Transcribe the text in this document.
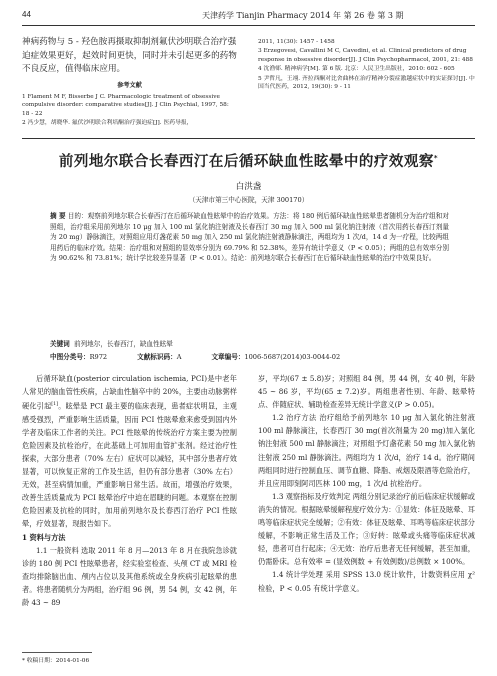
44	天津药学 Tianjin Pharmacy 2014 年 第 26 卷 第 3 期
神病药物与 5 - 羟色胺再摄取抑制剂氟伏沙明联合治疗强迫症效果更好，起效时间更快，同时并未引起更多的药物不良反应，值得临床应用。
参考文献
1 Flament M F, Bisserbe J C. Pharmacologic treatment of obsessive compulsive disorder: comparative studies[J]. J Clin Psychial, 1997, 58: 18 - 22
2 冯少慧，胡晓华. 氟伏沙明联合利培酮治疗强迫症[J]. 医药导报，
2011, 11(30): 1457 - 1458
3 Erzegovesi, Cavallini M C, Cavedini, et al. Clinical predictors of drug response in obsessive disorder[J]. J Clin Psychopharmacol, 2001, 21: 488
4 沈渔邨. 精神病学[M]. 第 6 版. 北京：人民卫生出版社，2010: 602 - 605
5 尹哲凡，王翊. 齐拉西酮对比舍曲林在治疗精神分裂症激越症状中的实证探讨[J]. 中国当代医药，2012, 19(30): 9 - 11
前列地尔联合长春西汀在后循环缺血性眩晕中的疗效观察*
白洪盏
（天津市第三中心医院，天津 300170）
摘 要 目的：观察前列地尔联合长春西汀在后循环缺血性眩晕中的治疗效果。方法：将 180 例后循环缺血性眩晕患者随机分为治疗组和对照组，治疗组采用前列地尔 10 μg 加入 100 ml 氯化钠注射液及长春西汀 30 mg 加入 500 ml 氯化钠注射液（首次用药长春西汀剂量为 20 mg）静脉滴注，对照组应用灯盏花素 50 mg 加入 250 ml 氯化钠注射液静脉滴注，两组均为 1 次/d，14 d 为一疗程，比较两组用药后的临床疗效。结果：治疗组和对照组的显效率分别为 69.79% 和 52.38%，差异有统计学意义（P < 0.05）；两组的总有效率分别为 90.62% 和 73.81%；统计学比较差异显著（P < 0.01）。结论：前列地尔联合长春西汀在后循环缺血性眩晕的治疗中效果良好。
关键词 前列地尔，长春西汀，缺血性眩晕
中图分类号：R972	文献标识码：A	文章编号：1006-5687(2014)03-0044-02

后循环缺血(posterior circulation ischemia, PCI)是中老年人常见的脑血管性疾病，占缺血性脑卒中的 20%，主要由动脉粥样硬化引起[1]。眩晕是 PCI 最主要的临床表现，患者症状明显，主观感受强烈，严重影响生活质量，因而 PCI 性眩晕愈来愈受到国内外学者及临床工作者的关注。PCI 性眩晕的传统治疗方案主要为控制危险因素及抗栓治疗，在此基础上可加用血管扩张剂。经过治疗性探索，大部分患者（70% 左右）症状可以减轻，其中部分患者疗效显著，可以恢复正常的工作及生活，但仍有部分患者（30% 左右）无效，甚至病情加重，严重影响日常生活。故而，增强治疗效果，改善生活质量成为 PCI 眩晕治疗中迫在眉睫的问题。本观察在控制危险因素及抗栓的同时，加用前列地尔及长春西汀治疗 PCI 性眩晕，疗效显著，现报告如下。

1 资料与方法

1.1 一般资料 选取 2011 年 8 月—2013 年 8 月在我院急诊就诊的 180 例 PCI 性眩晕患者，经实验室检查、头颅 CT 或 MRI 检查均排除脑出血、颅内占位以及其他系统或全身疾病引起眩晕的患者。将患者随机分为两组，治疗组 96 例，男 54 例，女 42 例，年龄 43 ~ 89

岁，平均(67 ± 5.8)岁；对照组 84 例，男 44 例，女 40 例，年龄 45 ~ 86 岁，平均(65 ± 7.2)岁。两组患者性别、年龄、眩晕特点、伴随症状、辅助检查差异无统计学意义(P > 0.05)。

1.2 治疗方法 治疗组给予前列地尔 10 μg 加入氯化钠注射液 100 ml 静脉滴注，长春西汀 30 mg(首次剂量为 20 mg)加入氯化钠注射液 500 ml 静脉滴注；对照组予灯盏花素 50 mg 加入氯化钠注射液 250 ml 静脉滴注。两组均为 1 次/d，治疗 14 d。治疗期间两组同时进行控制血压、调节血糖、降脂、戒烟及限酒等危险治疗，并且应用即刻阿司匹林 100 mg，1 次/d 抗栓治疗。

1.3 观察指标及疗效判定 两组分别记录治疗前后临床症状缓解或消失的情况。根据眩晕缓解程度疗效分为：①显效：体征及眩晕、耳鸣等临床症状完全缓解；②有效：体征及眩晕、耳鸣等临床症状部分缓解，不影响正常生活及工作；③好转：眩晕或头痛等临床症状减轻，患者可自行起床；④无效：治疗后患者无任何缓解，甚至加重，仍需卧床。总有效率 = (显效例数 + 有效例数)/总例数 × 100%。

1.4 统计学处理 采用 SPSS 13.0 统计软件，计数资料应用 χ² 检验，P < 0.05 有统计学意义。

* 收稿日期：2014-01-06
